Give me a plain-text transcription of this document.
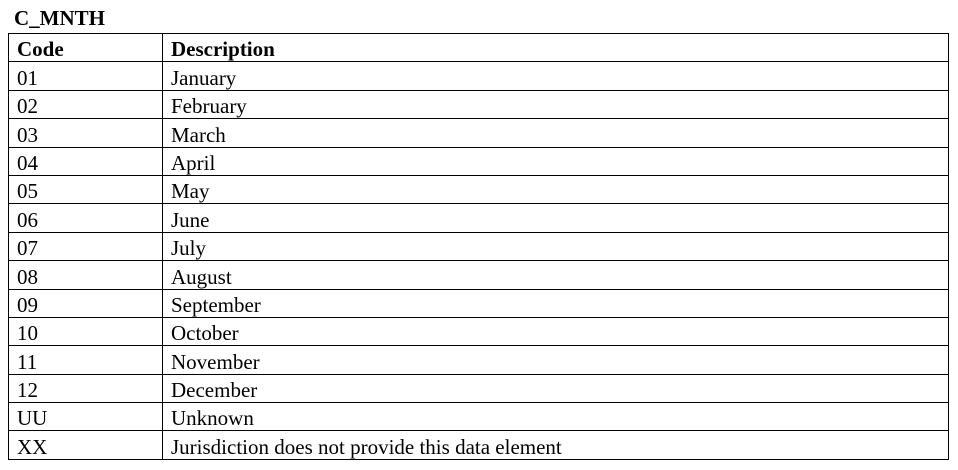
C_MNTH
Code	Description
01	January
02	February
03	March
04	April
05	May
06	June
07	July
08	August
09	September
10	October
11	November
12	December
UU	Unknown
XX	Jurisdiction does not provide this data element
